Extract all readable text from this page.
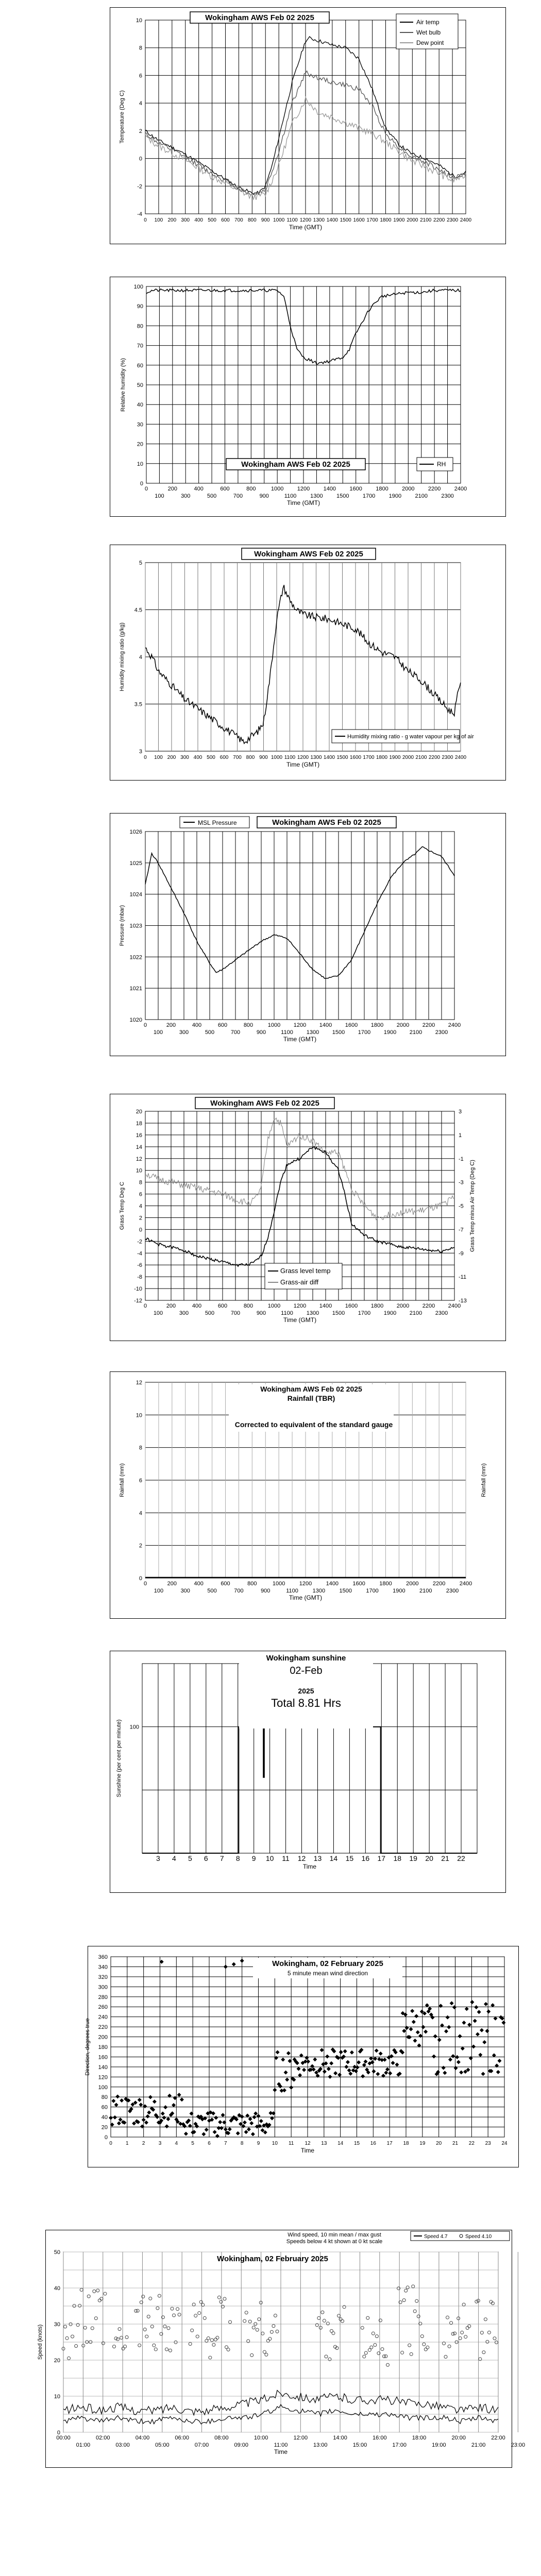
-4
-2
0
2
4
6
8
10
0 100 200 300 400 500 600 700 800 900 1000 1100 1200 1300 1400 1500 1600 1700 1800 1900 2000 2100 2200 2300 2400
Time (GMT)
Temperature (Deg C)
Wokingham AWS Feb 02 2025	Air temp
Wet bulb
Dew point
0
10
20
30
40
50
60
70
80
90
100
0	200	400	600	800	1000 1200 1400 1600 1800 2000 2200 2400
100	300	500	700	900	1100 1300 1500 1700 1900 2100 2300
Time (GMT)
Relative humidity (%)
Wokingham AWS Feb 02 2025	RH
3
3.5
4
4.5
5
0 100 200 300 400 500 600 700 800 900 1000 1100 1200 1300 1400 1500 1600 1700 1800 1900 2000 2100 2200 2300 2400
Time (GMT)
Humidity mixing ratio (g/kg)
Wokingham AWS Feb 02 2025
Humidity mixing ratio - g water vapour per kg of air
1020
1021
1022
1023
1024
1025
1026
0	200	400	600	800	1000 1200 1400 1600 1800 2000 2200 2400
100	300	500	700	900	1100 1300 1500 1700 1900 2100 2300
Time (GMT)
Pressure (mbar)
MSL Pressure	Wokingham AWS Feb 02 2025
-12
-10
-8
-6
-4
-2
0
2
4
6
8
10
12
14
16
18
20	3
1
-1
-3
-5
-7
-9
-11
-13
0	200	400	600	800	1000 1200 1400 1600 1800 2000 2200 2400
100	300	500	700	900	1100 1300 1500 1700 1900 2100 2300
Time (GMT)
Grass Temp Deg C	Grass Temp minus Air Temp (Deg C)
Wokingham AWS Feb 02 2025
Grass level temp
Grass-air diff
0
2
4
6
8
10
12
0	200	400	600	800	1000 1200 1400 1600 1800 2000 2200 2400
100	300	500	700	900	1100	1300 1500 1700 1900 2100 2300
Time (GMT)
Rainfall (mm)	Rainfall (mm)
Wokingham AWS Feb 02 2025
Rainfall (TBR)
Corrected to equivalent of the standard gauge
100
3 4 5 6 7 8 9 10 11 12 13 14 15 16 17 18 19 20 21 22
Time
Sunshine (per cent per minute)
Wokingham sunshine
02-Feb
2025
Total 8.81 Hrs
0
20
40
60
80
100
120
140
160
180
200
220
240
260
280
300
320
340
360
0	1	2	3	4	5	6	7	8	9 10 11 12 13 14 15 16 17 18 19 20 21 22 23 24
Time
Direction, degrees true
Wokingham, 02 February 2025
5 minute mean wind direction
0
10
20
30
40
50
00:00	02:00	04:00	06:00	08:00	10:00	12:00	14:00	16:00	18:00	20:00	22:00
01:00	03:00	05:00	07:00	09:00	11:00	13:00	15:00	17:00	19:00	21:00	23:00
Time
Speed (knots)
Wind speed, 10 min mean / max gust
Speeds below 4 kt shown at 0 kt scale
Wokingham, 02 February 2025
Speed 4.7	Speed 4.10
